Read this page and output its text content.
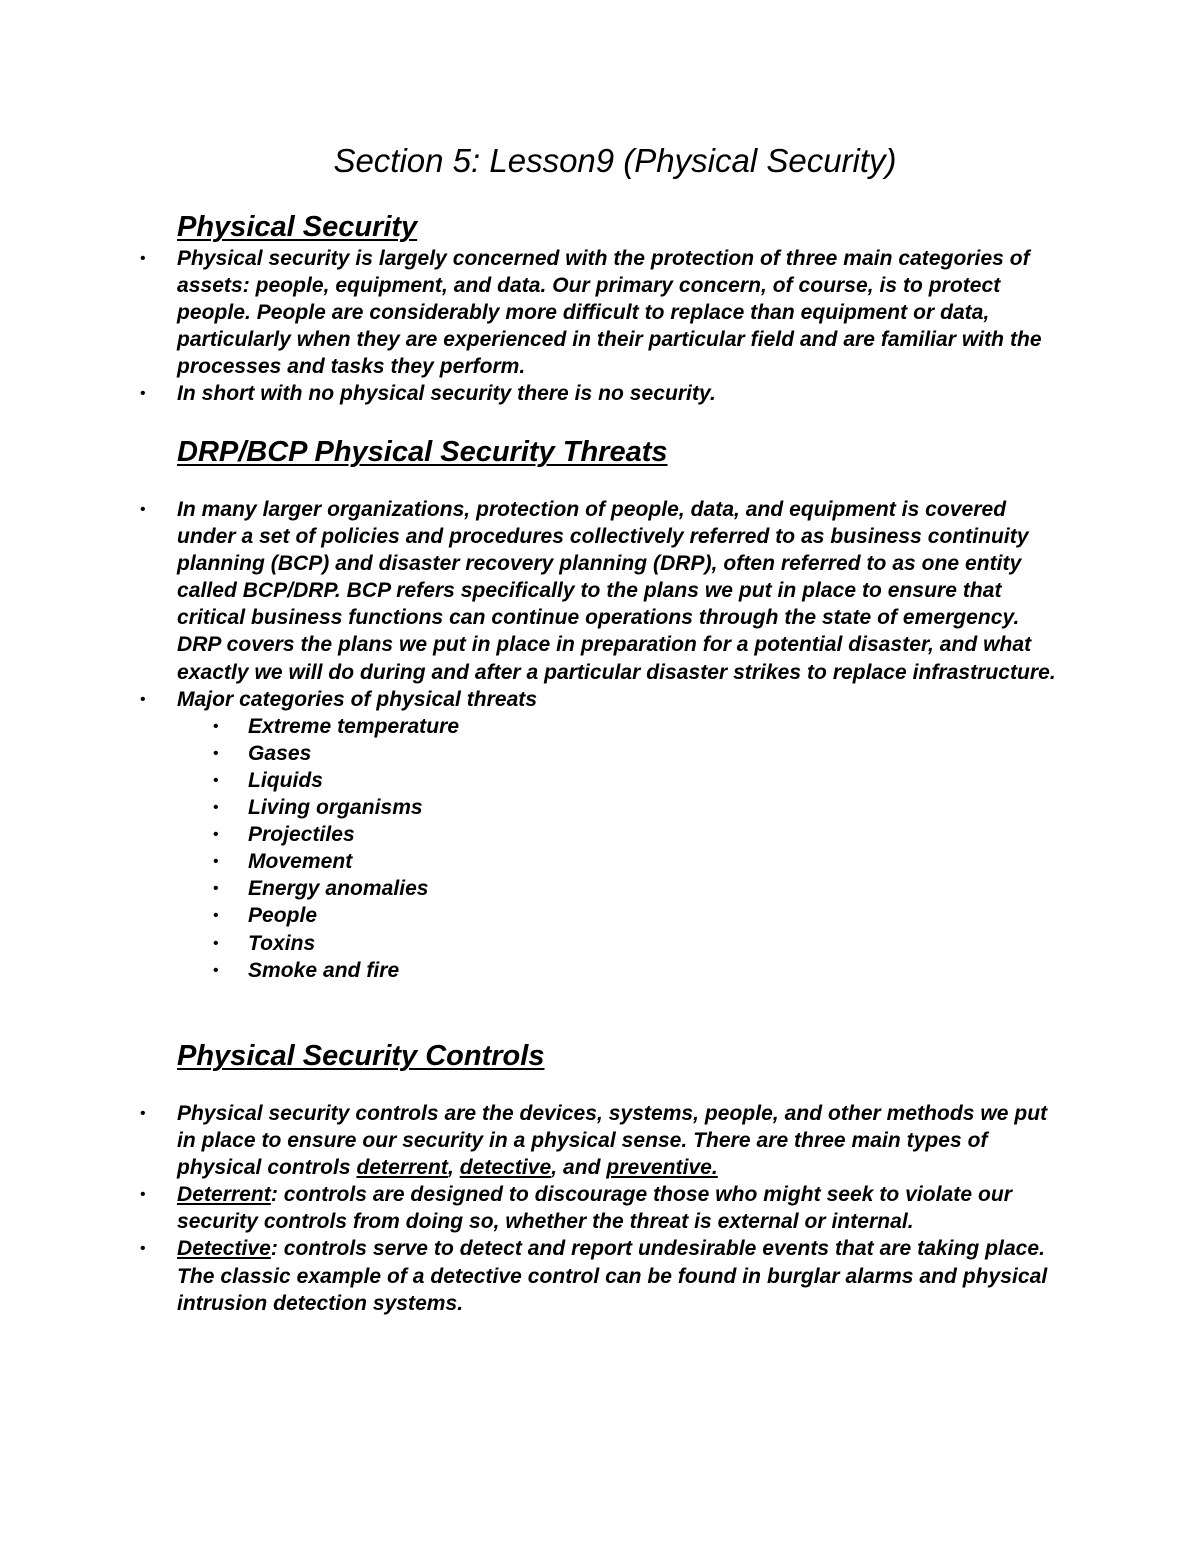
Section 5: Lesson9 (Physical Security)
Physical Security
• Physical security is largely concerned with the protection of three main categories of assets: people, equipment, and data. Our primary concern, of course, is to protect people. People are considerably more difficult to replace than equipment or data, particularly when they are experienced in their particular field and are familiar with the processes and tasks they perform.
• In short with no physical security there is no security.
DRP/BCP Physical Security Threats
• In many larger organizations, protection of people, data, and equipment is covered under a set of policies and procedures collectively referred to as business continuity planning (BCP) and disaster recovery planning (DRP), often referred to as one entity called BCP/DRP. BCP refers specifically to the plans we put in place to ensure that critical business functions can continue operations through the state of emergency. DRP covers the plans we put in place in preparation for a potential disaster, and what exactly we will do during and after a particular disaster strikes to replace infrastructure.
• Major categories of physical threats
• Extreme temperature
• Gases
• Liquids
• Living organisms
• Projectiles
• Movement
• Energy anomalies
• People
• Toxins
• Smoke and fire
Physical Security Controls
• Physical security controls are the devices, systems, people, and other methods we put in place to ensure our security in a physical sense. There are three main types of physical controls deterrent, detective, and preventive.
• Deterrent: controls are designed to discourage those who might seek to violate our security controls from doing so, whether the threat is external or internal.
• Detective: controls serve to detect and report undesirable events that are taking place. The classic example of a detective control can be found in burglar alarms and physical intrusion detection systems.
